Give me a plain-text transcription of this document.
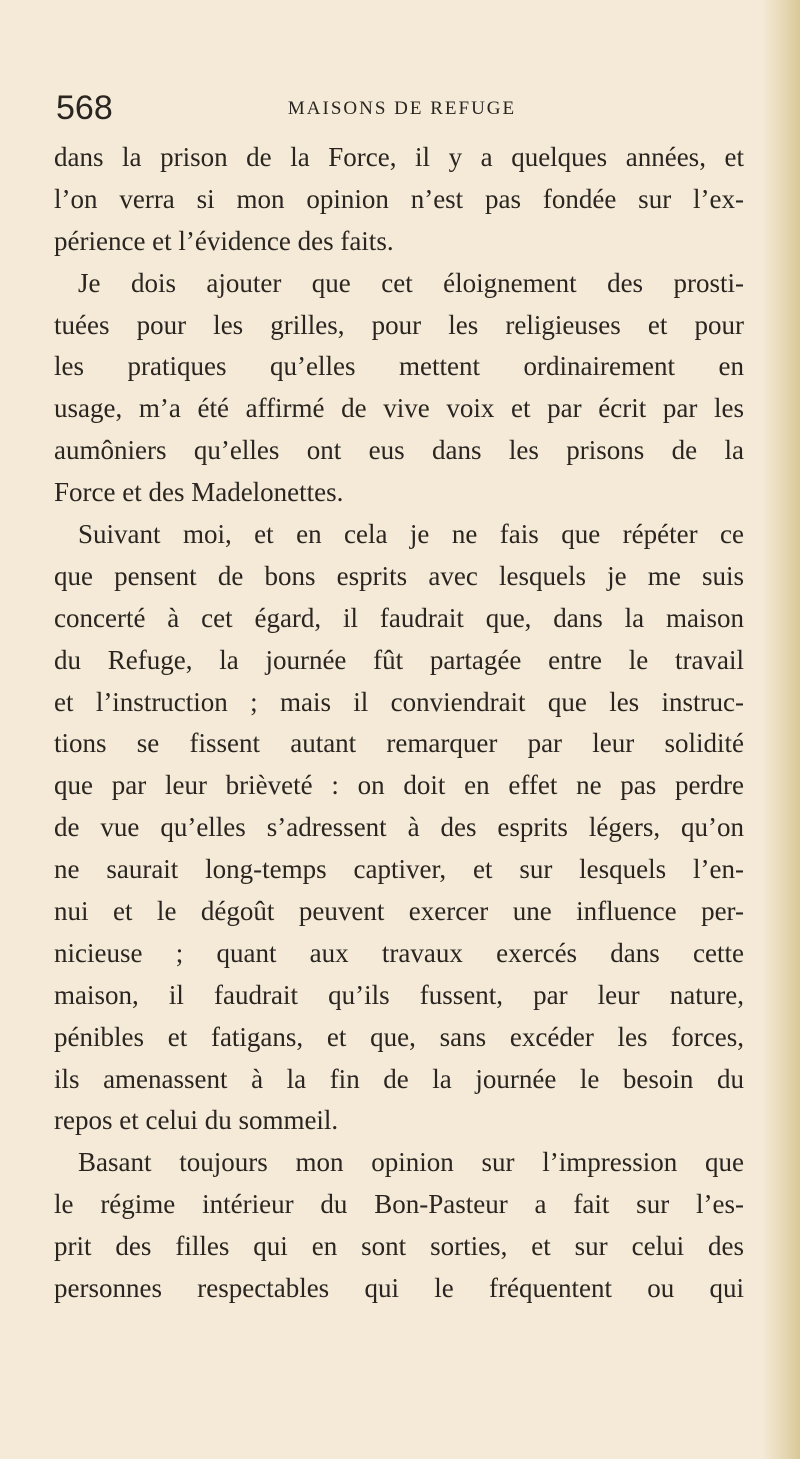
568	MAISONS DE REFUGE
dans la prison de la Force, il y a quelques années, et
l’on verra si mon opinion n’est pas fondée sur l’ex-
périence et l’évidence des faits.
Je dois ajouter que cet éloignement des prosti-
tuées pour les grilles, pour les religieuses et pour
les pratiques qu’elles mettent ordinairement en
usage, m’a été affirmé de vive voix et par écrit par les
aumôniers qu’elles ont eus dans les prisons de la
Force et des Madelonettes.
Suivant moi, et en cela je ne fais que répéter ce
que pensent de bons esprits avec lesquels je me suis
concerté à cet égard, il faudrait que, dans la maison
du Refuge, la journée fût partagée entre le travail
et l’instruction ; mais il conviendrait que les instruc-
tions se fissent autant remarquer par leur solidité
que par leur brièveté : on doit en effet ne pas perdre
de vue qu’elles s’adressent à des esprits légers, qu’on
ne saurait long-temps captiver, et sur lesquels l’en-
nui et le dégoût peuvent exercer une influence per-
nicieuse ; quant aux travaux exercés dans cette
maison, il faudrait qu’ils fussent, par leur nature,
pénibles et fatigans, et que, sans excéder les forces,
ils amenassent à la fin de la journée le besoin du
repos et celui du sommeil.
Basant toujours mon opinion sur l’impression que
le régime intérieur du Bon-Pasteur a fait sur l’es-
prit des filles qui en sont sorties, et sur celui des
personnes respectables qui le fréquentent ou qui
